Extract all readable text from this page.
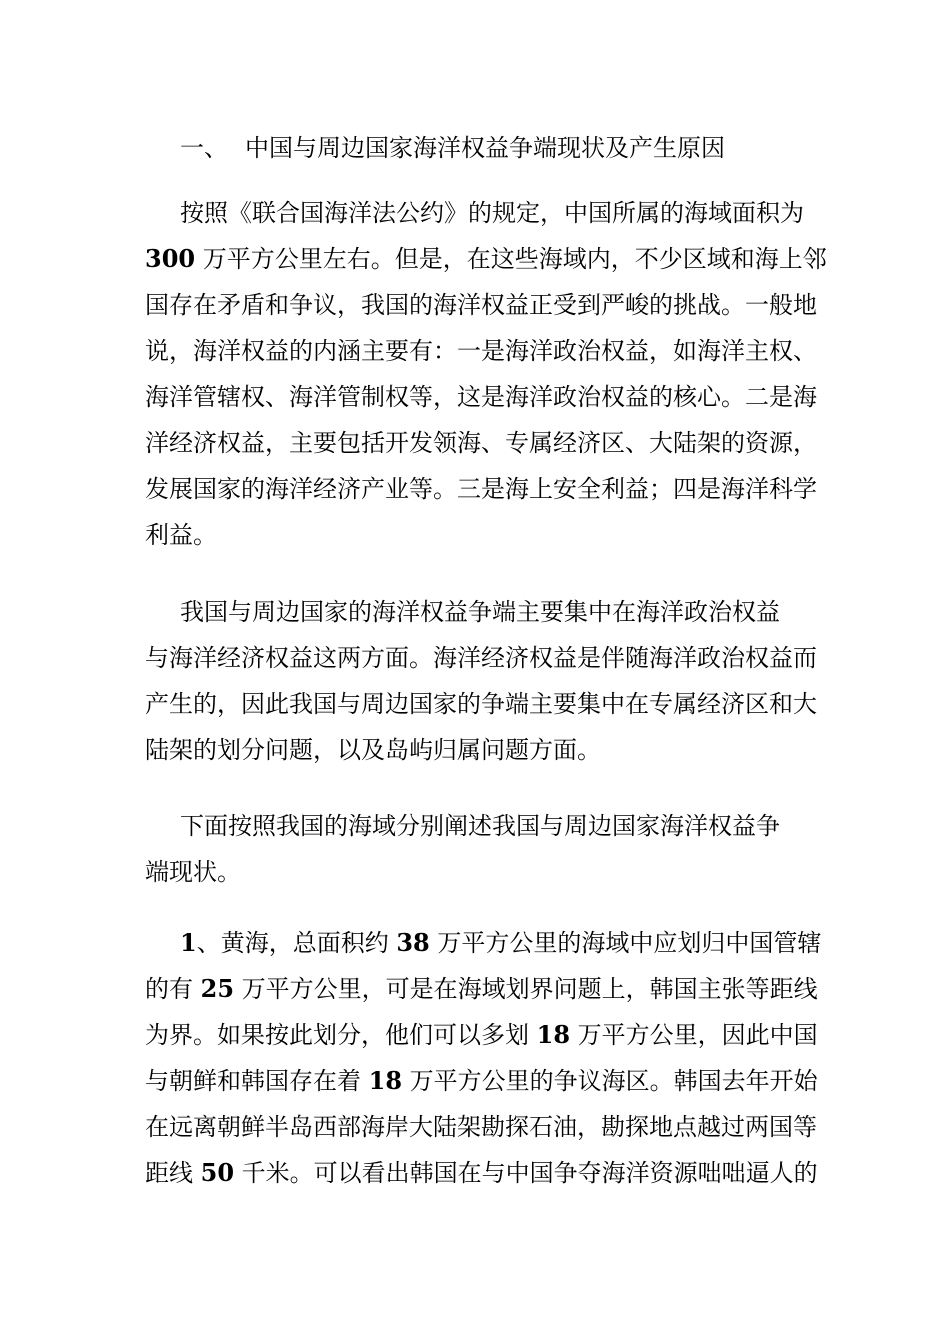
一、 中国与周边国家海洋权益争端现状及产生原因
按照《联合国海洋法公约》的规定，中国所属的海域面积为
300 万平方公里左右。但是，在这些海域内，不少区域和海上邻
国存在矛盾和争议，我国的海洋权益正受到严峻的挑战。一般地
说，海洋权益的内涵主要有：一是海洋政治权益，如海洋主权、
海洋管辖权、海洋管制权等，这是海洋政治权益的核心。二是海
洋经济权益，主要包括开发领海、专属经济区、大陆架的资源，
发展国家的海洋经济产业等。三是海上安全利益；四是海洋科学
利益。
我国与周边国家的海洋权益争端主要集中在海洋政治权益
与海洋经济权益这两方面。海洋经济权益是伴随海洋政治权益而
产生的，因此我国与周边国家的争端主要集中在专属经济区和大
陆架的划分问题，以及岛屿归属问题方面。
下面按照我国的海域分别阐述我国与周边国家海洋权益争
端现状。
1、黄海，总面积约 38 万平方公里的海域中应划归中国管辖
的有 25 万平方公里，可是在海域划界问题上，韩国主张等距线
为界。如果按此划分，他们可以多划 18 万平方公里，因此中国
与朝鲜和韩国存在着 18 万平方公里的争议海区。韩国去年开始
在远离朝鲜半岛西部海岸大陆架勘探石油，勘探地点越过两国等
距线 50 千米。可以看出韩国在与中国争夺海洋资源咄咄逼人的
